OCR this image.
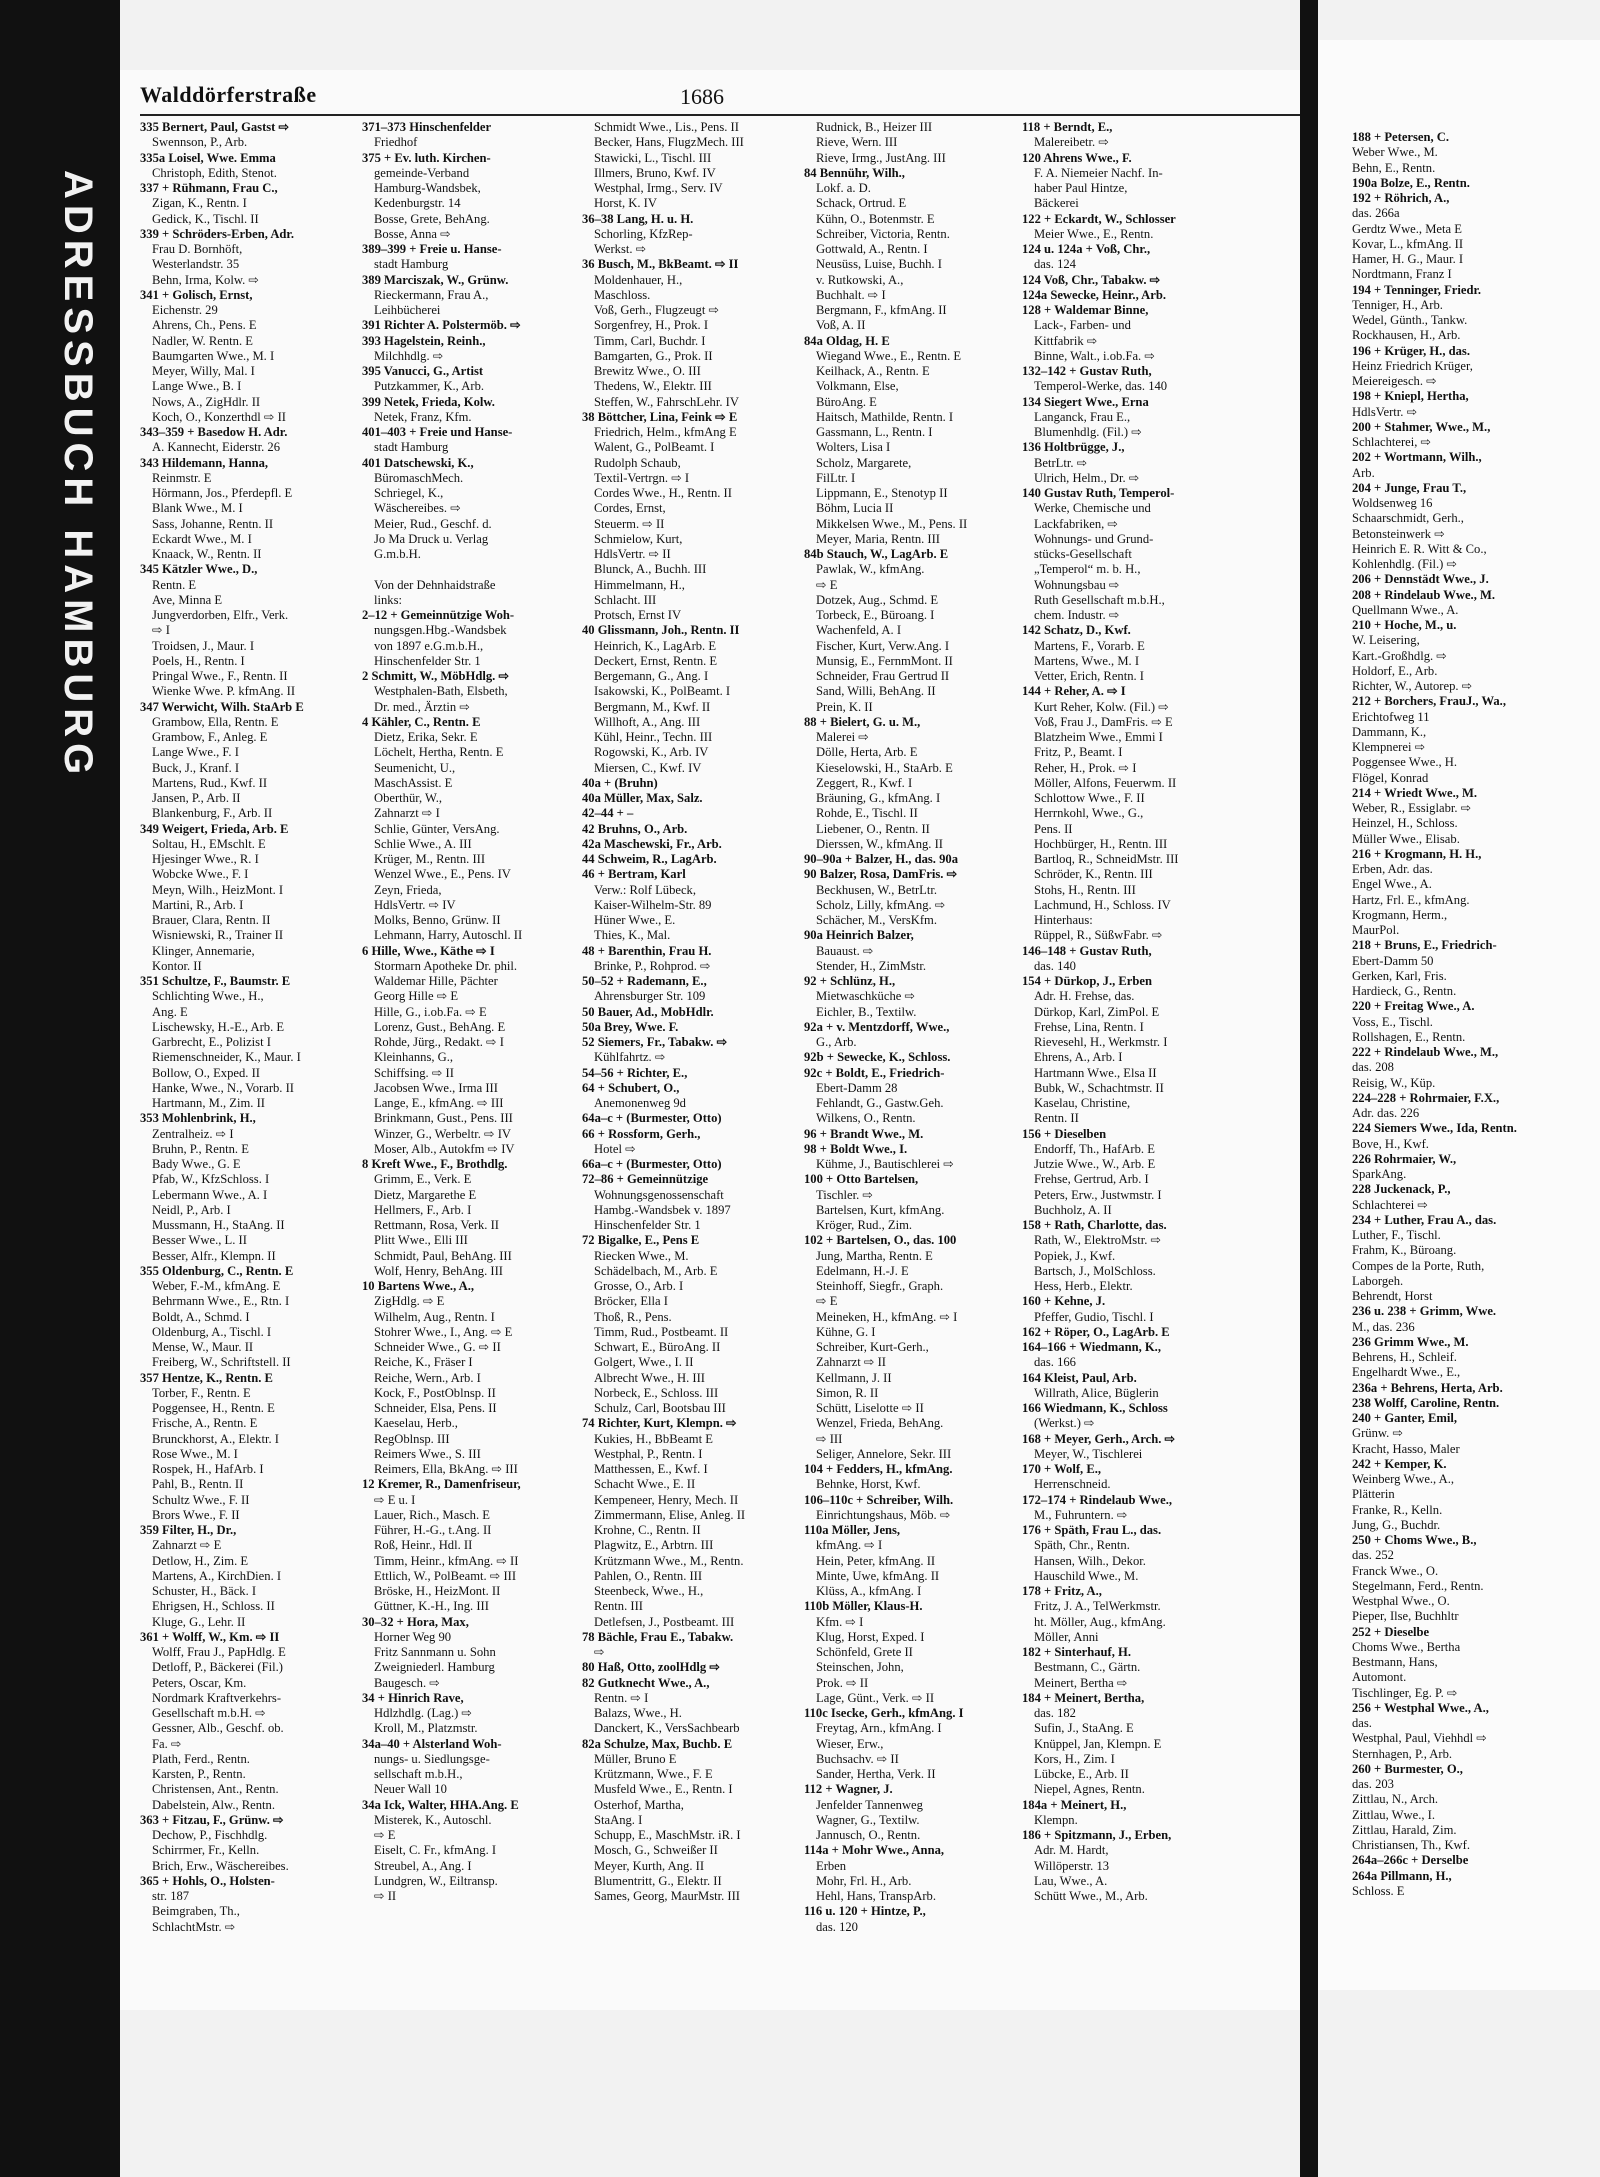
ADRESSBUCH HAMBURG
188 + Petersen, C.
Weber Wwe., M.
Behn, E., Rentn.
190a Bolze, E., Rentn.
192 + Röhrich, A.,
das. 266a
Gerdtz Wwe., Meta E
Kovar, L., kfmAng. II
Hamer, H. G., Maur. I
Nordtmann, Franz I
194 + Tenninger, Friedr.
Tenniger, H., Arb.
Wedel, Günth., Tankw.
Rockhausen, H., Arb.
196 + Krüger, H., das.
Heinz Friedrich Krüger,
Meiereigesch. ⇨
198 + Kniepl, Hertha,
HdlsVertr. ⇨
200 + Stahmer, Wwe., M.,
Schlachterei, ⇨
202 + Wortmann, Wilh.,
Arb.
204 + Junge, Frau T.,
Woldsenweg 16
Schaarschmidt, Gerh.,
Betonsteinwerk ⇨
Heinrich E. R. Witt & Co.,
Kohlenhdlg. (Fil.) ⇨
206 + Dennstädt Wwe., J.
208 + Rindelaub Wwe., M.
Quellmann Wwe., A.
210 + Hoche, M., u.
W. Leisering,
Kart.-Großhdlg. ⇨
Holdorf, E., Arb.
Richter, W., Autorep. ⇨
212 + Borchers, FrauJ., Wa.,
Erichtofweg 11
Dammann, K.,
Klempnerei ⇨
Poggensee Wwe., H.
Flögel, Konrad
214 + Wriedt Wwe., M.
Weber, R., Essiglabr. ⇨
Heinzel, H., Schloss.
Müller Wwe., Elisab.
216 + Krogmann, H. H.,
Erben, Adr. das.
Engel Wwe., A.
Hartz, Frl. E., kfmAng.
Krogmann, Herm.,
MaurPol.
218 + Bruns, E., Friedrich-
Ebert-Damm 50
Gerken, Karl, Fris.
Hardieck, G., Rentn.
220 + Freitag Wwe., A.
Voss, E., Tischl.
Rollshagen, E., Rentn.
222 + Rindelaub Wwe., M.,
das. 208
Reisig, W., Küp.
224–228 + Rohrmaier, F.X.,
Adr. das. 226
224 Siemers Wwe., Ida, Rentn.
Bove, H., Kwf.
226 Rohrmaier, W.,
SparkAng.
228 Juckenack, P.,
Schlachterei ⇨
234 + Luther, Frau A., das.
Luther, F., Tischl.
Frahm, K., Büroang.
Compes de la Porte, Ruth,
Laborgeh.
Behrendt, Horst
236 u. 238 + Grimm, Wwe.
M., das. 236
236 Grimm Wwe., M.
Behrens, H., Schleif.
Engelhardt Wwe., E.,
236a + Behrens, Herta, Arb.
238 Wolff, Caroline, Rentn.
240 + Ganter, Emil,
Grünw. ⇨
Kracht, Hasso, Maler
242 + Kemper, K.
Weinberg Wwe., A.,
Plätterin
Franke, R., Kelln.
Jung, G., Buchdr.
250 + Choms Wwe., B.,
das. 252
Franck Wwe., O.
Stegelmann, Ferd., Rentn.
Westphal Wwe., O.
Pieper, Ilse, Buchhltr
252 + Dieselbe
Choms Wwe., Bertha
Bestmann, Hans,
Automont.
Tischlinger, Eg. P. ⇨
256 + Westphal Wwe., A.,
das.
Westphal, Paul, Viehhdl ⇨
Sternhagen, P., Arb.
260 + Burmester, O.,
das. 203
Zittlau, N., Arch.
Zittlau, Wwe., I.
Zittlau, Harald, Zim.
Christiansen, Th., Kwf.
264a–266c + Derselbe
264a Pillmann, H.,
Schloss. E
Walddörferstraße	1686
335 Bernert, Paul, Gastst ⇨
Swennson, P., Arb.
335a Loisel, Wwe. Emma
Christoph, Edith, Stenot.
337 + Rühmann, Frau C.,
Zigan, K., Rentn. I
Gedick, K., Tischl. II
339 + Schröders-Erben, Adr.
Frau D. Bornhöft,
Westerlandstr. 35
Behn, Irma, Kolw. ⇨
341 + Golisch, Ernst,
Eichenstr. 29
Ahrens, Ch., Pens. E
Nadler, W. Rentn. E
Baumgarten Wwe., M. I
Meyer, Willy, Mal. I
Lange Wwe., B. I
Nows, A., ZigHdlr. II
Koch, O., Konzerthdl ⇨ II
343–359 + Basedow H. Adr.
A. Kannecht, Eiderstr. 26
343 Hildemann, Hanna,
Reinmstr. E
Hörmann, Jos., Pferdepfl. E
Blank Wwe., M. I
Sass, Johanne, Rentn. II
Eckardt Wwe., M. I
Knaack, W., Rentn. II
345 Kätzler Wwe., D.,
Rentn. E
Ave, Minna E
Jungverdorben, Elfr., Verk.
⇨ I
Troidsen, J., Maur. I
Poels, H., Rentn. I
Pringal Wwe., F., Rentn. II
Wienke Wwe. P. kfmAng. II
347 Werwicht, Wilh. StaArb E
Grambow, Ella, Rentn. E
Grambow, F., Anleg. E
Lange Wwe., F. I
Buck, J., Kranf. I
Martens, Rud., Kwf. II
Jansen, P., Arb. II
Blankenburg, F., Arb. II
349 Weigert, Frieda, Arb. E
Soltau, H., EMschlt. E
Hjesinger Wwe., R. I
Wobcke Wwe., F. I
Meyn, Wilh., HeizMont. I
Martini, R., Arb. I
Brauer, Clara, Rentn. II
Wisniewski, R., Trainer II
Klinger, Annemarie,
Kontor. II
351 Schultze, F., Baumstr. E
Schlichting Wwe., H.,
Ang. E
Lischewsky, H.-E., Arb. E
Garbrecht, E., Polizist I
Riemenschneider, K., Maur. I
Bollow, O., Exped. II
Hanke, Wwe., N., Vorarb. II
Hartmann, M., Zim. II
353 Mohlenbrink, H.,
Zentralheiz. ⇨ I
Bruhn, P., Rentn. E
Bady Wwe., G. E
Pfab, W., KfzSchloss. I
Lebermann Wwe., A. I
Neidl, P., Arb. I
Mussmann, H., StaAng. II
Besser Wwe., L. II
Besser, Alfr., Klempn. II
355 Oldenburg, C., Rentn. E
Weber, F.-M., kfmAng. E
Behrmann Wwe., E., Rtn. I
Boldt, A., Schmd. I
Oldenburg, A., Tischl. I
Mense, W., Maur. II
Freiberg, W., Schriftstell. II
357 Hentze, K., Rentn. E
Torber, F., Rentn. E
Poggensee, H., Rentn. E
Frische, A., Rentn. E
Brunckhorst, A., Elektr. I
Rose Wwe., M. I
Rospek, H., HafArb. I
Pahl, B., Rentn. II
Schultz Wwe., F. II
Brors Wwe., F. II
359 Filter, H., Dr.,
Zahnarzt ⇨ E
Detlow, H., Zim. E
Martens, A., KirchDien. I
Schuster, H., Bäck. I
Ehrigsen, H., Schloss. II
Kluge, G., Lehr. II
361 + Wolff, W., Km. ⇨ II
Wolff, Frau J., PapHdlg. E
Detloff, P., Bäckerei (Fil.)
Peters, Oscar, Km.
Nordmark Kraftverkehrs-
Gesellschaft m.b.H. ⇨
Gessner, Alb., Geschf. ob.
Fa. ⇨
Plath, Ferd., Rentn.
Karsten, P., Rentn.
Christensen, Ant., Rentn.
Dabelstein, Alw., Rentn.
363 + Fitzau, F., Grünw. ⇨
Dechow, P., Fischhdlg.
Schirrmer, Fr., Kelln.
Brich, Erw., Wäschereibes.
365 + Hohls, O., Holsten-
str. 187
Beimgraben, Th.,
SchlachtMstr. ⇨
371–373 Hinschenfelder
Friedhof
375 + Ev. luth. Kirchen-
gemeinde-Verband
Hamburg-Wandsbek,
Kedenburgstr. 14
Bosse, Grete, BehAng.
Bosse, Anna ⇨
389–399 + Freie u. Hanse-
stadt Hamburg
389 Marciszak, W., Grünw.
Rieckermann, Frau A.,
Leihbücherei
391 Richter A. Polstermöb. ⇨
393 Hagelstein, Reinh.,
Milchhdlg. ⇨
395 Vanucci, G., Artist
Putzkammer, K., Arb.
399 Netek, Frieda, Kolw.
Netek, Franz, Kfm.
401–403 + Freie und Hanse-
stadt Hamburg
401 Datschewski, K.,
BüromaschMech.
Schriegel, K.,
Wäschereibes. ⇨
Meier, Rud., Geschf. d.
Jo Ma Druck u. Verlag
G.m.b.H.

Von der Dehnhaidstraße
links:
2–12 + Gemeinnützige Woh-
nungsgen.Hbg.-Wandsbek
von 1897 e.G.m.b.H.,
Hinschenfelder Str. 1
2 Schmitt, W., MöbHdlg. ⇨
Westphalen-Bath, Elsbeth,
Dr. med., Ärztin ⇨
4 Kähler, C., Rentn. E
Dietz, Erika, Sekr. E
Löchelt, Hertha, Rentn. E
Seumenicht, U.,
MaschAssist. E
Oberthür, W.,
Zahnarzt ⇨ I
Schlie, Günter, VersAng.
Schlie Wwe., A. III
Krüger, M., Rentn. III
Wenzel Wwe., E., Pens. IV
Zeyn, Frieda,
HdlsVertr. ⇨ IV
Molks, Benno, Grünw. II
Lehmann, Harry, Autoschl. II
6 Hille, Wwe., Käthe ⇨ I
Stormarn Apotheke Dr. phil.
Waldemar Hille, Pächter
Georg Hille ⇨ E
Hille, G., i.ob.Fa. ⇨ E
Lorenz, Gust., BehAng. E
Rohde, Jürg., Redakt. ⇨ I
Kleinhanns, G.,
Schiffsing. ⇨ II
Jacobsen Wwe., Irma III
Lange, E., kfmAng. ⇨ III
Brinkmann, Gust., Pens. III
Winzer, G., Werbeltr. ⇨ IV
Moser, Alb., Autokfm ⇨ IV
8 Kreft Wwe., F., Brothdlg.
Grimm, E., Verk. E
Dietz, Margarethe E
Hellmers, F., Arb. I
Rettmann, Rosa, Verk. II
Plitt Wwe., Elli III
Schmidt, Paul, BehAng. III
Wolf, Henry, BehAng. III
10 Bartens Wwe., A.,
ZigHdlg. ⇨ E
Wilhelm, Aug., Rentn. I
Stohrer Wwe., I., Ang. ⇨ E
Schneider Wwe., G. ⇨ II
Reiche, K., Fräser I
Reiche, Wern., Arb. I
Kock, F., PostOblnsp. II
Schneider, Elsa, Pens. II
Kaeselau, Herb.,
RegOblnsp. III
Reimers Wwe., S. III
Reimers, Ella, BkAng. ⇨ III
12 Kremer, R., Damenfriseur,
⇨ E u. I
Lauer, Rich., Masch. E
Führer, H.-G., t.Ang. II
Roß, Heinr., Hdl. II
Timm, Heinr., kfmAng. ⇨ II
Ettlich, W., PolBeamt. ⇨ III
Bröske, H., HeizMont. II
Güttner, K.-H., Ing. III
30–32 + Hora, Max,
Horner Weg 90
Fritz Sannmann u. Sohn
Zweigniederl. Hamburg
Baugesch. ⇨
34 + Hinrich Rave,
Hdlzhdlg. (Lag.) ⇨
Kroll, M., Platzmstr.
34a–40 + Alsterland Woh-
nungs- u. Siedlungsge-
sellschaft m.b.H.,
Neuer Wall 10
34a Ick, Walter, HHA.Ang. E
Misterek, K., Autoschl.
⇨ E
Eiselt, C. Fr., kfmAng. I
Streubel, A., Ang. I
Lundgren, W., Eiltransp.
⇨ II
Schmidt Wwe., Lis., Pens. II
Becker, Hans, FlugzMech. III
Stawicki, L., Tischl. III
Illmers, Bruno, Kwf. IV
Westphal, Irmg., Serv. IV
Horst, K. IV
36–38 Lang, H. u. H.
Schorling, KfzRep-
Werkst. ⇨
36 Busch, M., BkBeamt. ⇨ II
Moldenhauer, H.,
Maschloss.
Voß, Gerh., Flugzeugt ⇨
Sorgenfrey, H., Prok. I
Timm, Carl, Buchdr. I
Bamgarten, G., Prok. II
Brewitz Wwe., O. III
Thedens, W., Elektr. III
Steffen, W., FahrschLehr. IV
38 Böttcher, Lina, Feink ⇨ E
Friedrich, Helm., kfmAng E
Walent, G., PolBeamt. I
Rudolph Schaub,
Textil-Vertrgn. ⇨ I
Cordes Wwe., H., Rentn. II
Cordes, Ernst,
Steuerm. ⇨ II
Schmielow, Kurt,
HdlsVertr. ⇨ II
Blunck, A., Buchh. III
Himmelmann, H.,
Schlacht. III
Protsch, Ernst IV
40 Glissmann, Joh., Rentn. II
Heinrich, K., LagArb. E
Deckert, Ernst, Rentn. E
Bergemann, G., Ang. I
Isakowski, K., PolBeamt. I
Bergmann, M., Kwf. II
Willhoft, A., Ang. III
Kühl, Heinr., Techn. III
Rogowski, K., Arb. IV
Miersen, C., Kwf. IV
40a + (Bruhn)
40a Müller, Max, Salz.
42–44 + –
42 Bruhns, O., Arb.
42a Maschewski, Fr., Arb.
44 Schweim, R., LagArb.
46 + Bertram, Karl
Verw.: Rolf Lübeck,
Kaiser-Wilhelm-Str. 89
Hüner Wwe., E.
Thies, K., Mal.
48 + Barenthin, Frau H.
Brinke, P., Rohprod. ⇨
50–52 + Rademann, E.,
Ahrensburger Str. 109
50 Bauer, Ad., MobHdlr.
50a Brey, Wwe. F.
52 Siemers, Fr., Tabakw. ⇨
Kühlfahrtz. ⇨
54–56 + Richter, E.,
64 + Schubert, O.,
Anemonenweg 9d
64a–c + (Burmester, Otto)
66 + Rossform, Gerh.,
Hotel ⇨
66a–c + (Burmester, Otto)
72–86 + Gemeinnützige
Wohnungsgenossenschaft
Hambg.-Wandsbek v. 1897
Hinschenfelder Str. 1
72 Bigalke, E., Pens E
Riecken Wwe., M.
Schädelbach, M., Arb. E
Grosse, O., Arb. I
Bröcker, Ella I
Thoß, R., Pens.
Timm, Rud., Postbeamt. II
Schwart, E., BüroAng. II
Golgert, Wwe., I. II
Albrecht Wwe., H. III
Norbeck, E., Schloss. III
Schulz, Carl, Bootsbau III
74 Richter, Kurt, Klempn. ⇨
Kukies, H., BbBeamt E
Westphal, P., Rentn. I
Matthessen, E., Kwf. I
Schacht Wwe., E. II
Kempeneer, Henry, Mech. II
Zimmermann, Elise, Anleg. II
Krohne, C., Rentn. II
Plagwitz, E., Arbtrn. III
Krützmann Wwe., M., Rentn.
Pahlen, O., Rentn. III
Steenbeck, Wwe., H.,
Rentn. III
Detlefsen, J., Postbeamt. III
78 Bächle, Frau E., Tabakw.
⇨
80 Haß, Otto, zoolHdlg ⇨
82 Gutknecht Wwe., A.,
Rentn. ⇨ I
Balazs, Wwe., H.
Danckert, K., VersSachbearb
82a Schulze, Max, Buchb. E
Müller, Bruno E
Krützmann, Wwe., F. E
Musfeld Wwe., E., Rentn. I
Osterhof, Martha,
StaAng. I
Schupp, E., MaschMstr. iR. I
Mosch, G., Schweißer II
Meyer, Kurth, Ang. II
Blumentritt, G., Elektr. II
Sames, Georg, MaurMstr. III
Rudnick, B., Heizer III
Rieve, Wern. III
Rieve, Irmg., JustAng. III
84 Bennühr, Wilh.,
Lokf. a. D.
Schack, Ortrud. E
Kühn, O., Botenmstr. E
Schreiber, Victoria, Rentn.
Gottwald, A., Rentn. I
Neusüss, Luise, Buchh. I
v. Rutkowski, A.,
Buchhalt. ⇨ I
Bergmann, F., kfmAng. II
Voß, A. II
84a Oldag, H. E
Wiegand Wwe., E., Rentn. E
Keilhack, A., Rentn. E
Volkmann, Else,
BüroAng. E
Haitsch, Mathilde, Rentn. I
Gassmann, L., Rentn. I
Wolters, Lisa I
Scholz, Margarete,
FilLtr. I
Lippmann, E., Stenotyp II
Böhm, Lucia II
Mikkelsen Wwe., M., Pens. II
Meyer, Maria, Rentn. III
84b Stauch, W., LagArb. E
Pawlak, W., kfmAng.
⇨ E
Dotzek, Aug., Schmd. E
Torbeck, E., Büroang. I
Wachenfeld, A. I
Fischer, Kurt, Verw.Ang. I
Munsig, E., FernmMont. II
Schneider, Frau Gertrud II
Sand, Willi, BehAng. II
Prein, K. II
88 + Bielert, G. u. M.,
Malerei ⇨
Dölle, Herta, Arb. E
Kieselowski, H., StaArb. E
Zeggert, R., Kwf. I
Bräuning, G., kfmAng. I
Rohde, E., Tischl. II
Liebener, O., Rentn. II
Dierssen, W., kfmAng. II
90–90a + Balzer, H., das. 90a
90 Balzer, Rosa, DamFris. ⇨
Beckhusen, W., BetrLtr.
Scholz, Lilly, kfmAng. ⇨
Schächer, M., VersKfm.
90a Heinrich Balzer,
Bauaust. ⇨
Stender, H., ZimMstr.
92 + Schlünz, H.,
Mietwaschküche ⇨
Eichler, B., Textilw.
92a + v. Mentzdorff, Wwe.,
G., Arb.
92b + Sewecke, K., Schloss.
92c + Boldt, E., Friedrich-
Ebert-Damm 28
Fehlandt, G., Gastw.Geh.
Wilkens, O., Rentn.
96 + Brandt Wwe., M.
98 + Boldt Wwe., I.
Kühme, J., Bautischlerei ⇨
100 + Otto Bartelsen,
Tischler. ⇨
Bartelsen, Kurt, kfmAng.
Kröger, Rud., Zim.
102 + Bartelsen, O., das. 100
Jung, Martha, Rentn. E
Edelmann, H.-J. E
Steinhoff, Siegfr., Graph.
⇨ E
Meineken, H., kfmAng. ⇨ I
Kühne, G. I
Schreiber, Kurt-Gerh.,
Zahnarzt ⇨ II
Kellmann, J. II
Simon, R. II
Schütt, Liselotte ⇨ II
Wenzel, Frieda, BehAng.
⇨ III
Seliger, Annelore, Sekr. III
104 + Fedders, H., kfmAng.
Behnke, Horst, Kwf.
106–110c + Schreiber, Wilh.
Einrichtungshaus, Möb. ⇨
110a Möller, Jens,
kfmAng. ⇨ I
Hein, Peter, kfmAng. II
Minte, Uwe, kfmAng. II
Klüss, A., kfmAng. I
110b Möller, Klaus-H.
Kfm. ⇨ I
Klug, Horst, Exped. I
Schönfeld, Grete II
Steinschen, John,
Prok. ⇨ II
Lage, Günt., Verk. ⇨ II
110c Isecke, Gerh., kfmAng. I
Freytag, Arn., kfmAng. I
Wieser, Erw.,
Buchsachv. ⇨ II
Sander, Hertha, Verk. II
112 + Wagner, J.
Jenfelder Tannenweg
Wagner, G., Textilw.
Jannusch, O., Rentn.
114a + Mohr Wwe., Anna,
Erben
Mohr, Frl. H., Arb.
Hehl, Hans, TranspArb.
116 u. 120 + Hintze, P.,
das. 120
118 + Berndt, E.,
Malereibetr. ⇨
120 Ahrens Wwe., F.
F. A. Niemeier Nachf. In-
haber Paul Hintze,
Bäckerei
122 + Eckardt, W., Schlosser
Meier Wwe., E., Rentn.
124 u. 124a + Voß, Chr.,
das. 124
124 Voß, Chr., Tabakw. ⇨
124a Sewecke, Heinr., Arb.
128 + Waldemar Binne,
Lack-, Farben- und
Kittfabrik ⇨
Binne, Walt., i.ob.Fa. ⇨
132–142 + Gustav Ruth,
Temperol-Werke, das. 140
134 Siegert Wwe., Erna
Langanck, Frau E.,
Blumenhdlg. (Fil.) ⇨
136 Holtbrügge, J.,
BetrLtr. ⇨
Ulrich, Helm., Dr. ⇨
140 Gustav Ruth, Temperol-
Werke, Chemische und
Lackfabriken, ⇨
Wohnungs- und Grund-
stücks-Gesellschaft
„Temperol“ m. b. H.,
Wohnungsbau ⇨
Ruth Gesellschaft m.b.H.,
chem. Industr. ⇨
142 Schatz, D., Kwf.
Martens, F., Vorarb. E
Martens, Wwe., M. I
Vetter, Erich, Rentn. I
144 + Reher, A. ⇨ I
Kurt Reher, Kolw. (Fil.) ⇨
Voß, Frau J., DamFris. ⇨ E
Blatzheim Wwe., Emmi I
Fritz, P., Beamt. I
Reher, H., Prok. ⇨ I
Möller, Alfons, Feuerwm. II
Schlottow Wwe., F. II
Herrnkohl, Wwe., G.,
Pens. II
Hochbürger, H., Rentn. III
Bartloq, R., SchneidMstr. III
Schröder, K., Rentn. III
Stohs, H., Rentn. III
Lachmund, H., Schloss. IV
Hinterhaus:
Rüppel, R., SüßwFabr. ⇨
146–148 + Gustav Ruth,
das. 140
154 + Dürkop, J., Erben
Adr. H. Frehse, das.
Dürkop, Karl, ZimPol. E
Frehse, Lina, Rentn. I
Rievesehl, H., Werkmstr. I
Ehrens, A., Arb. I
Hartmann Wwe., Elsa II
Bubk, W., Schachtmstr. II
Kaselau, Christine,
Rentn. II
156 + Dieselben
Endorff, Th., HafArb. E
Jutzie Wwe., W., Arb. E
Frehse, Gertrud, Arb. I
Peters, Erw., Justwmstr. I
Buchholz, A. II
158 + Rath, Charlotte, das.
Rath, W., ElektroMstr. ⇨
Popiek, J., Kwf.
Bartsch, J., MolSchloss.
Hess, Herb., Elektr.
160 + Kehne, J.
Pfeffer, Gudio, Tischl. I
162 + Röper, O., LagArb. E
164–166 + Wiedmann, K.,
das. 166
164 Kleist, Paul, Arb.
Willrath, Alice, Büglerin
166 Wiedmann, K., Schloss
(Werkst.) ⇨
168 + Meyer, Gerh., Arch. ⇨
Meyer, W., Tischlerei
170 + Wolf, E.,
Herrenschneid.
172–174 + Rindelaub Wwe.,
M., Fuhruntern. ⇨
176 + Späth, Frau L., das.
Späth, Chr., Rentn.
Hansen, Wilh., Dekor.
Hauschild Wwe., M.
178 + Fritz, A.,
Fritz, J. A., TelWerkmstr.
ht. Möller, Aug., kfmAng.
Möller, Anni
182 + Sinterhauf, H.
Bestmann, C., Gärtn.
Meinert, Bertha ⇨
184 + Meinert, Bertha,
das. 182
Sufin, J., StaAng. E
Knüppel, Jan, Klempn. E
Kors, H., Zim. I
Lübcke, E., Arb. II
Niepel, Agnes, Rentn.
184a + Meinert, H.,
Klempn.
186 + Spitzmann, J., Erben,
Adr. M. Hardt,
Willöperstr. 13
Lau, Wwe., A.
Schütt Wwe., M., Arb.
